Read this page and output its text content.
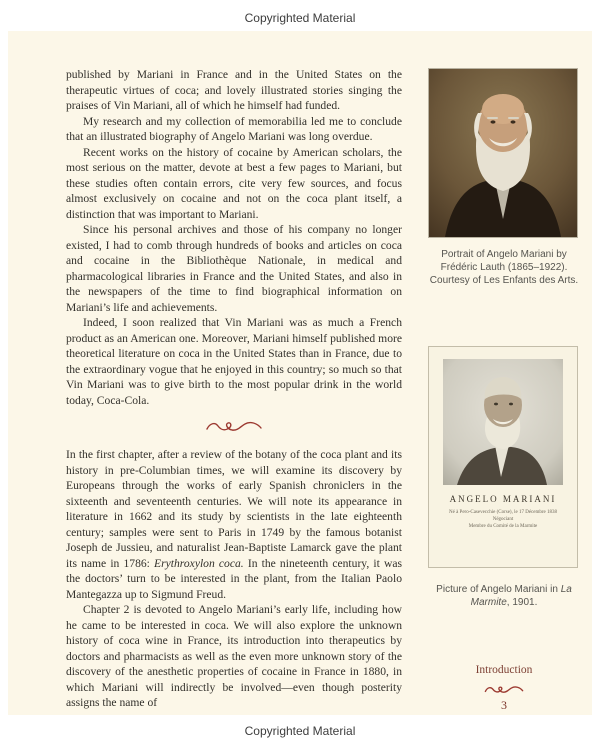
Copyrighted Material

published by Mariani in France and in the United States on the therapeutic virtues of coca; and lovely illustrated stories singing the praises of Vin Mariani, all of which he himself had funded.

My research and my collection of memorabilia led me to conclude that an illustrated biography of Angelo Mariani was long overdue.

Recent works on the history of cocaine by American scholars, the most serious on the matter, devote at best a few pages to Mariani, but these studies often contain errors, cite very few sources, and focus almost exclusively on cocaine and not on the coca plant itself, a distinction that was important to Mariani.

Since his personal archives and those of his company no longer existed, I had to comb through hundreds of books and articles on coca and cocaine in the Bibliothèque Nationale, in medical and pharmacological libraries in France and the United States, and also in the newspapers of the time to find biographical information on Mariani’s life and achievements.

Indeed, I soon realized that Vin Mariani was as much a French product as an American one. Moreover, Mariani himself published more theoretical literature on coca in the United States than in France, due to the extraordinary vogue that he enjoyed in this country; so much so that Vin Mariani was to give birth to the most popular drink in the world today, Coca-Cola.

In the first chapter, after a review of the botany of the coca plant and its history in pre-Columbian times, we will examine its discovery by Europeans through the works of early Spanish chroniclers in the sixteenth and seventeenth centuries. We will note its appearance in literature in 1662 and its study by scientists in the late eighteenth century; samples were sent to Paris in 1749 by the famous botanist Joseph de Jussieu, and naturalist Jean-Baptiste Lamarck gave the plant its name in 1786: Erythroxylon coca. In the nineteenth century, it was the doctors’ turn to be interested in the plant, from the Italian Paolo Mantegazza up to Sigmund Freud.

Chapter 2 is devoted to Angelo Mariani’s early life, including how he came to be interested in coca. We will also explore the unknown history of coca wine in France, its introduction into therapeutics by doctors and pharmacists as well as the even more unknown story of the discovery of the anesthetic properties of cocaine in France in 1880, in which Mariani will indirectly be involved—even though posterity assigns the name of

Portrait of Angelo Mariani by Frédéric Lauth (1865–1922). Courtesy of Les Enfants des Arts.
ANGELO MARIANI
Né à Pero-Casevecchie (Corse), le 17 Décembre 1838
Négociant
Membre du Comité de la Marmite
Picture of Angelo Mariani in La Marmite, 1901.
Introduction
3
Copyrighted Material
